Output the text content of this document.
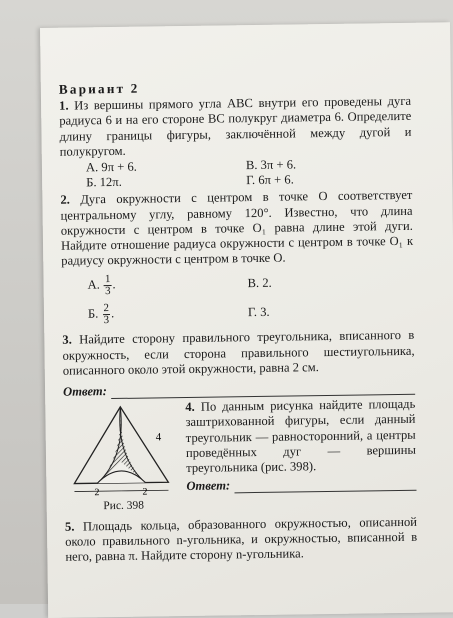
Вариант 2

1. Из вершины прямого угла ABC внутри его проведены дуга радиуса 6 и на его стороне BC полукруг диаметра 6. Определите длину границы фигуры, заключённой между дугой и полукругом.

А. 9π + 6.	В. 3π + 6.
Б. 12π.	Г. 6π + 6.

2. Дуга окружности с центром в точке O соответствует центральному углу, равному 120°. Известно, что длина окружности с центром в точке O₁ равна длине этой дуги. Найдите отношение радиуса окружности с центром в точке O₁ к радиусу окружности с центром в точке O.

А. $\frac{1}{3}$ .	В. 2.
Б. $\frac{2}{3}$ .	Г. 3.

3. Найдите сторону правильного треугольника, вписанного в окружность, если сторона правильного шестиугольника, описанного около этой окружности, равна 2 см.

Ответ:
4
2	2
Рис. 398

4. По данным рисунка найдите площадь заштрихованной фигуры, если данный треугольник — равносторонний, а центры проведённых дуг — вершины треугольника (рис. 398).

Ответ:

5. Площадь кольца, образованного окружностью, описанной около правильного n-угольника, и окружностью, вписанной в него, равна π. Найдите сторону n-угольника.
